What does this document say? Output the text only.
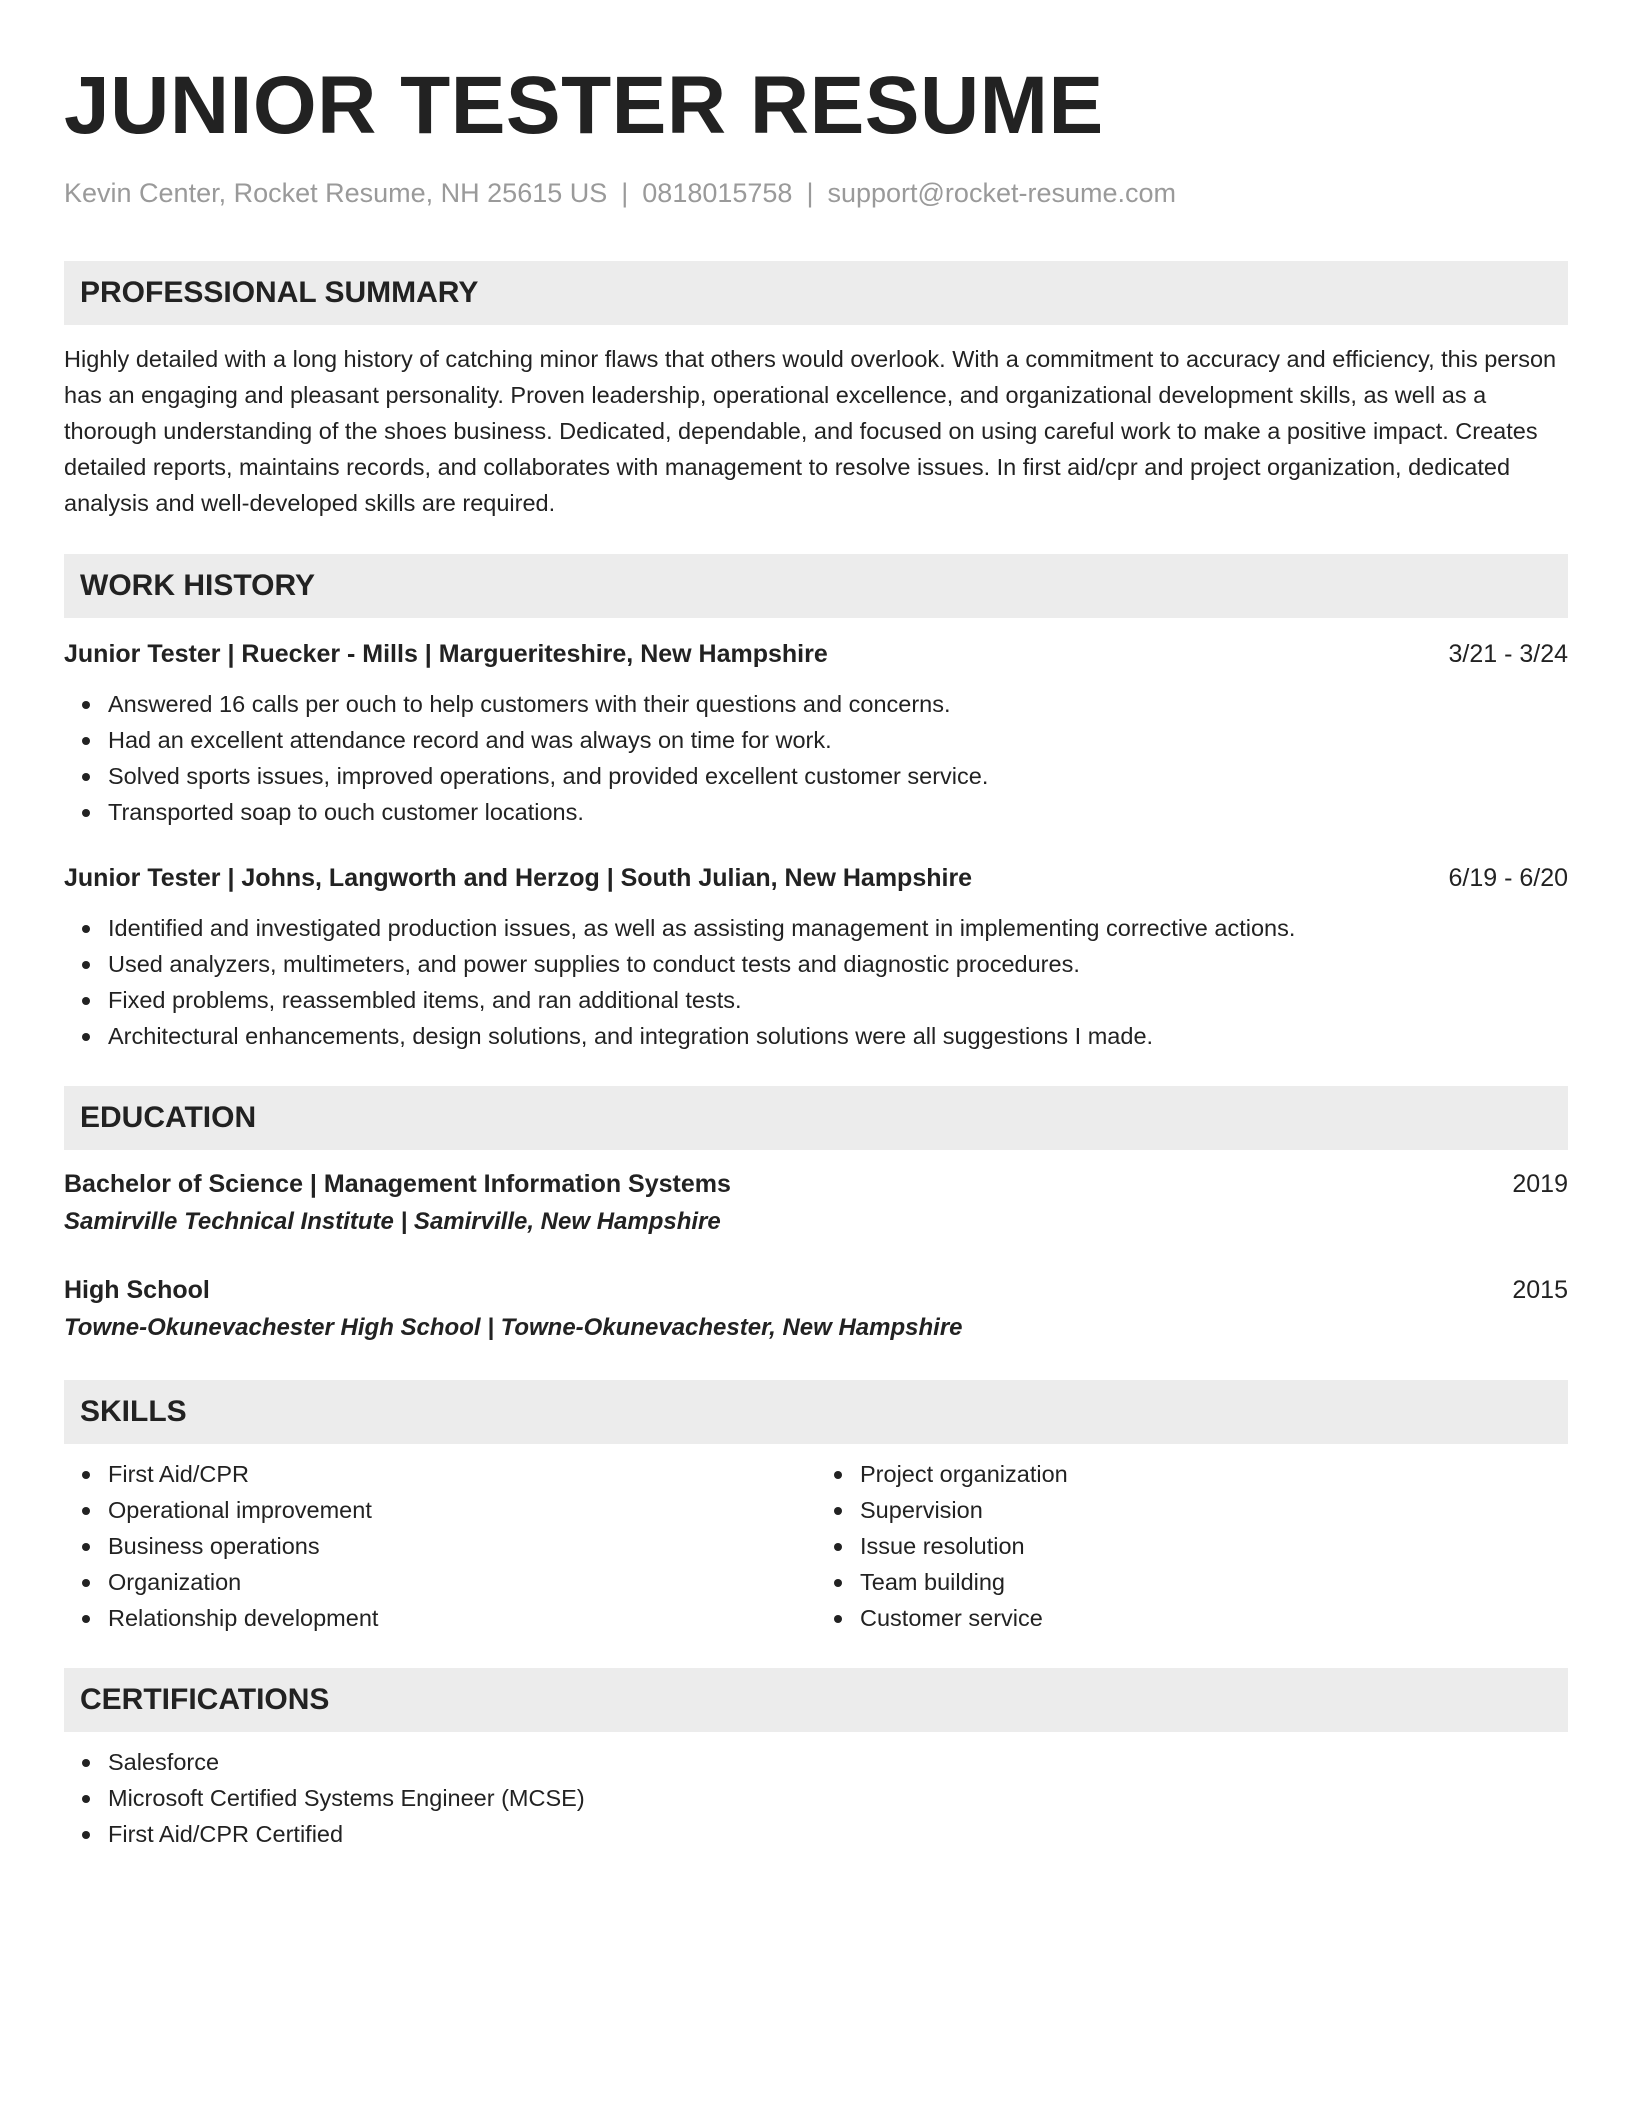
JUNIOR TESTER RESUME
Kevin Center, Rocket Resume, NH 25615 US | 0818015758 | support@rocket-resume.com
PROFESSIONAL SUMMARY

Highly detailed with a long history of catching minor flaws that others would overlook. With a commitment to accuracy and efficiency, this person has an engaging and pleasant personality. Proven leadership, operational excellence, and organizational development skills, as well as a thorough understanding of the shoes business. Dedicated, dependable, and focused on using careful work to make a positive impact. Creates detailed reports, maintains records, and collaborates with management to resolve issues. In first aid/cpr and project organization, dedicated analysis and well-developed skills are required.

WORK HISTORY
Junior Tester | Ruecker - Mills | Margueriteshire, New Hampshire	3/21 - 3/24
Answered 16 calls per ouch to help customers with their questions and concerns.
Had an excellent attendance record and was always on time for work.
Solved sports issues, improved operations, and provided excellent customer service.
Transported soap to ouch customer locations.
Junior Tester | Johns, Langworth and Herzog | South Julian, New Hampshire	6/19 - 6/20
Identified and investigated production issues, as well as assisting management in implementing corrective actions.
Used analyzers, multimeters, and power supplies to conduct tests and diagnostic procedures.
Fixed problems, reassembled items, and ran additional tests.
Architectural enhancements, design solutions, and integration solutions were all suggestions I made.
EDUCATION
Bachelor of Science | Management Information Systems	2019
Samirville Technical Institute | Samirville, New Hampshire
High School	2015
Towne-Okunevachester High School | Towne-Okunevachester, New Hampshire
SKILLS
First Aid/CPR
Operational improvement
Business operations
Organization
Relationship development
Project organization
Supervision
Issue resolution
Team building
Customer service
CERTIFICATIONS
Salesforce
Microsoft Certified Systems Engineer (MCSE)
First Aid/CPR Certified
